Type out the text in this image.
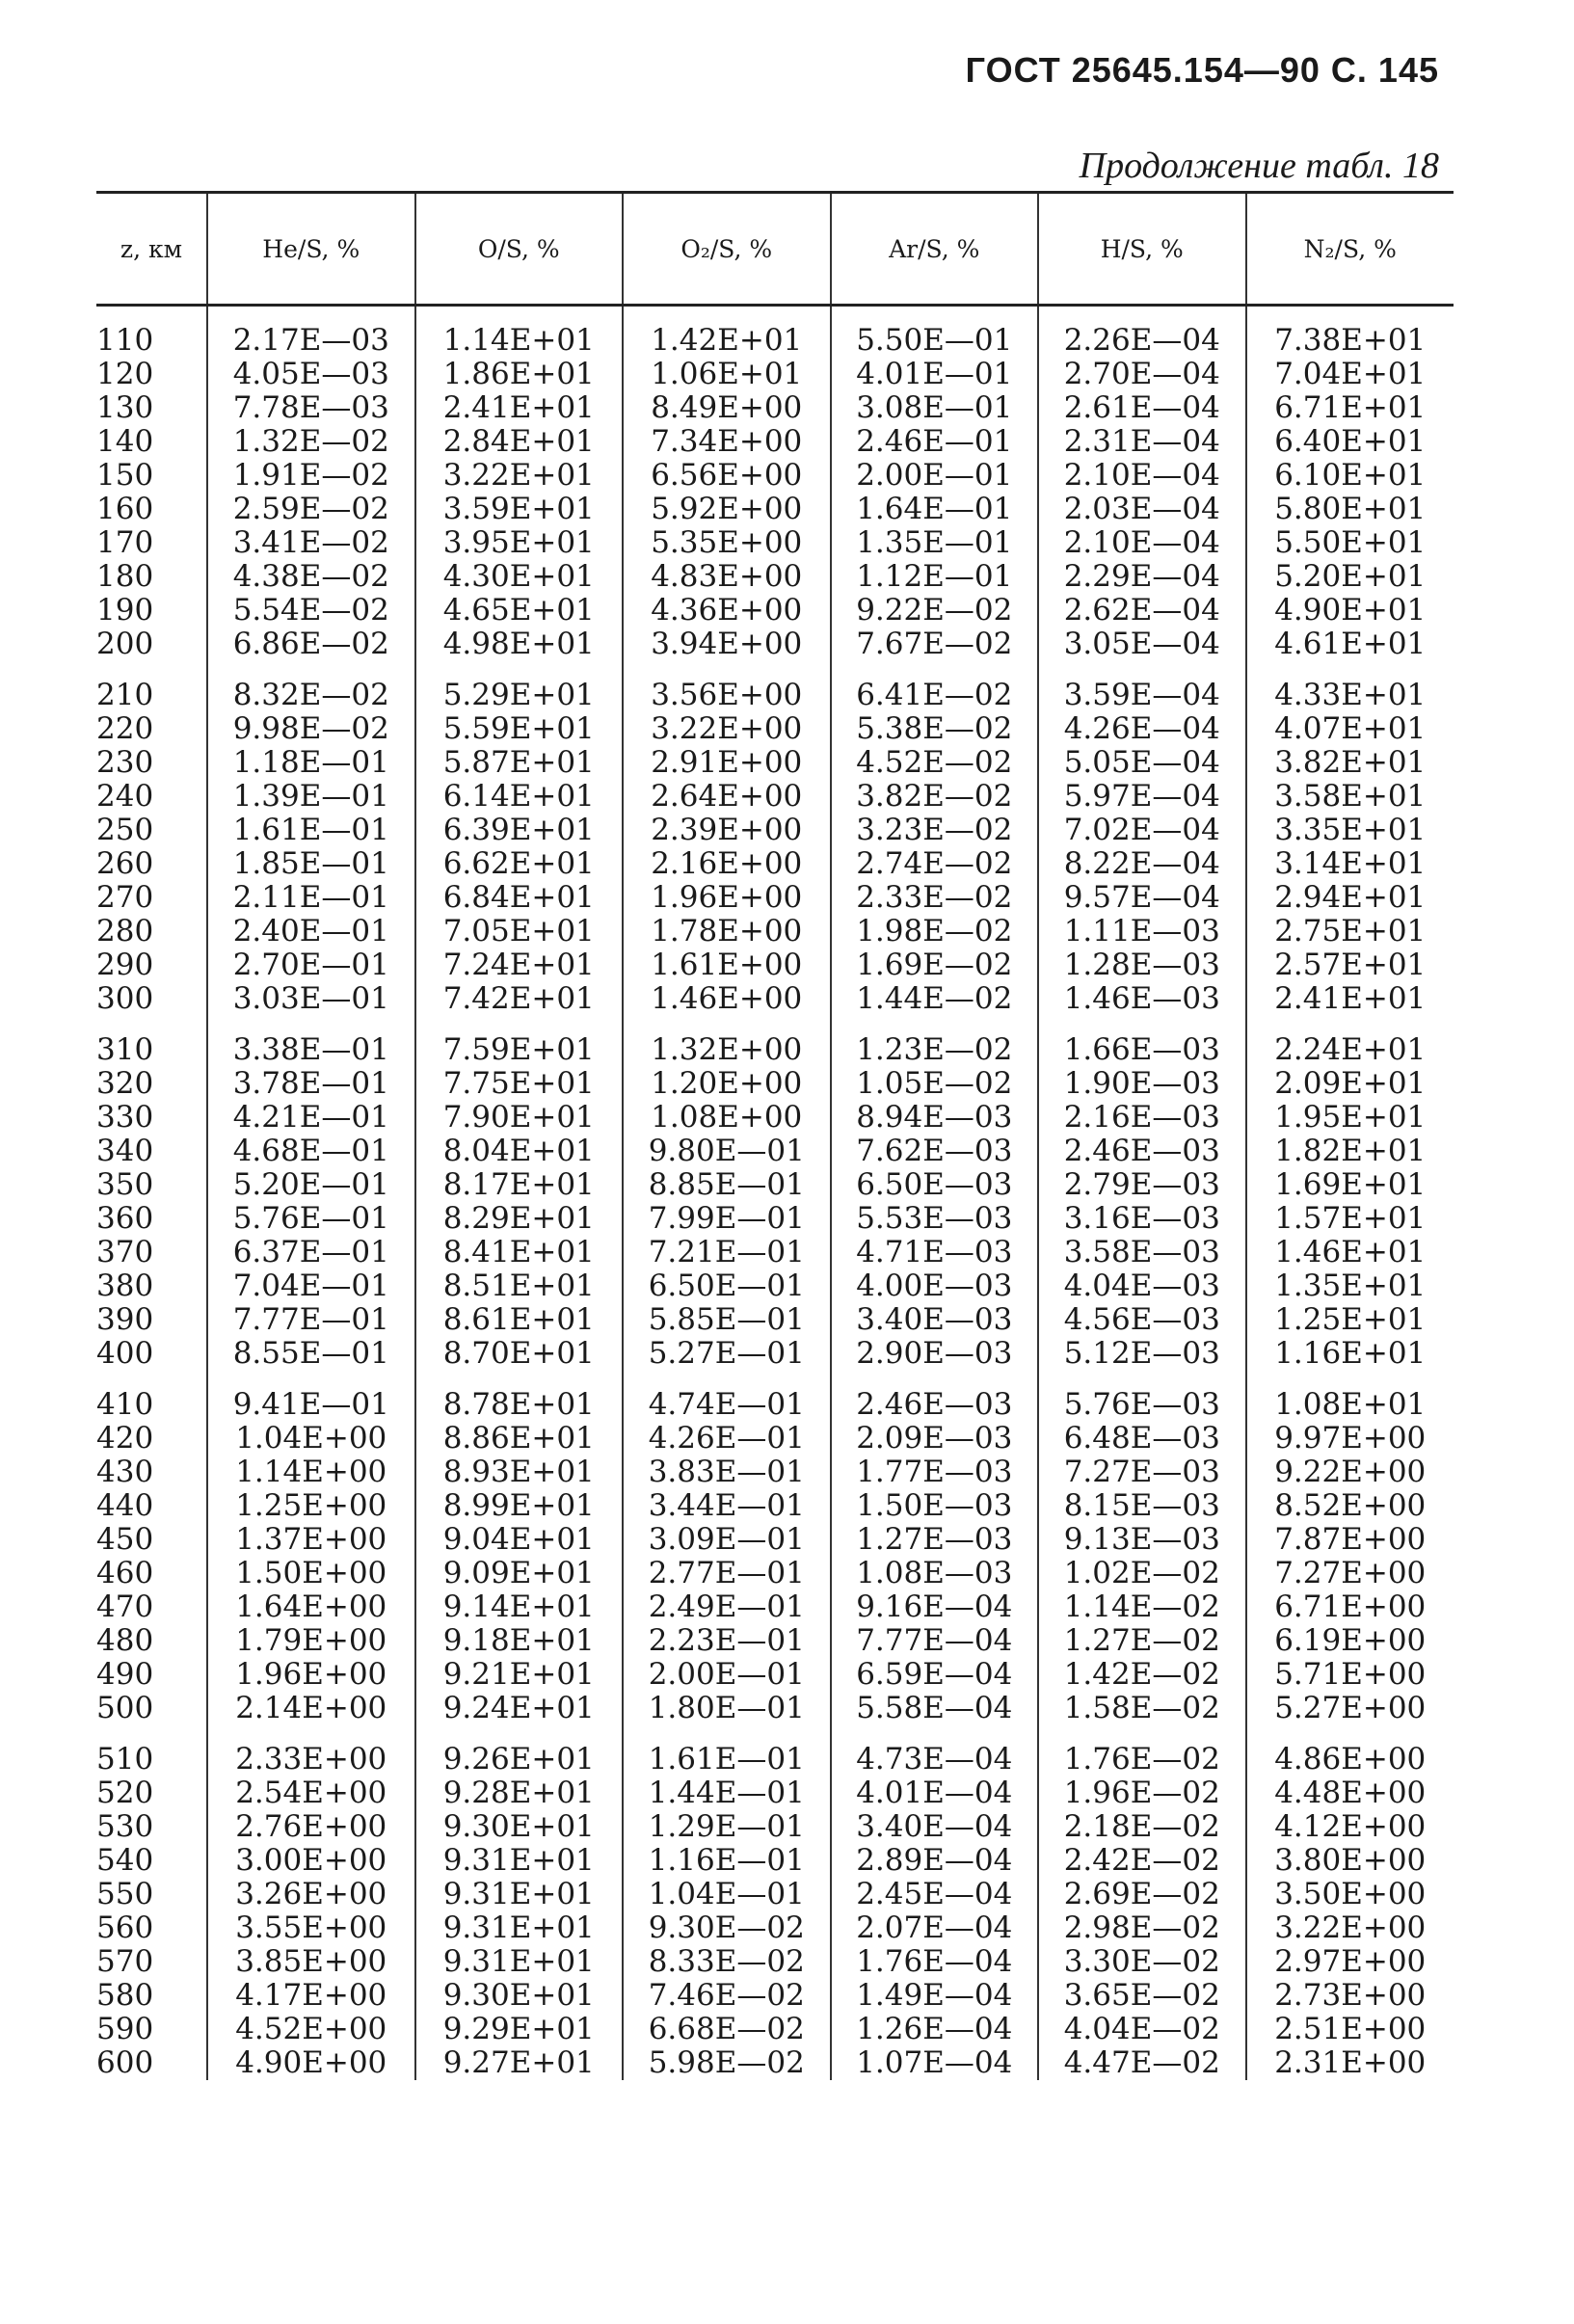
ГОСТ 25645.154—90 С. 145
Продолжение табл. 18
z, км	He/S, %	O/S, %	O₂/S, %	Ar/S, %	H/S, %	N₂/S, %

110	2.17E—03	1.14E+01	1.42E+01	5.50E—01	2.26E—04	7.38E+01
120	4.05E—03	1.86E+01	1.06E+01	4.01E—01	2.70E—04	7.04E+01
130	7.78E—03	2.41E+01	8.49E+00	3.08E—01	2.61E—04	6.71E+01
140	1.32E—02	2.84E+01	7.34E+00	2.46E—01	2.31E—04	6.40E+01
150	1.91E—02	3.22E+01	6.56E+00	2.00E—01	2.10E—04	6.10E+01
160	2.59E—02	3.59E+01	5.92E+00	1.64E—01	2.03E—04	5.80E+01
170	3.41E—02	3.95E+01	5.35E+00	1.35E—01	2.10E—04	5.50E+01
180	4.38E—02	4.30E+01	4.83E+00	1.12E—01	2.29E—04	5.20E+01
190	5.54E—02	4.65E+01	4.36E+00	9.22E—02	2.62E—04	4.90E+01
200	6.86E—02	4.98E+01	3.94E+00	7.67E—02	3.05E—04	4.61E+01

210	8.32E—02	5.29E+01	3.56E+00	6.41E—02	3.59E—04	4.33E+01
220	9.98E—02	5.59E+01	3.22E+00	5.38E—02	4.26E—04	4.07E+01
230	1.18E—01	5.87E+01	2.91E+00	4.52E—02	5.05E—04	3.82E+01
240	1.39E—01	6.14E+01	2.64E+00	3.82E—02	5.97E—04	3.58E+01
250	1.61E—01	6.39E+01	2.39E+00	3.23E—02	7.02E—04	3.35E+01
260	1.85E—01	6.62E+01	2.16E+00	2.74E—02	8.22E—04	3.14E+01
270	2.11E—01	6.84E+01	1.96E+00	2.33E—02	9.57E—04	2.94E+01
280	2.40E—01	7.05E+01	1.78E+00	1.98E—02	1.11E—03	2.75E+01
290	2.70E—01	7.24E+01	1.61E+00	1.69E—02	1.28E—03	2.57E+01
300	3.03E—01	7.42E+01	1.46E+00	1.44E—02	1.46E—03	2.41E+01

310	3.38E—01	7.59E+01	1.32E+00	1.23E—02	1.66E—03	2.24E+01
320	3.78E—01	7.75E+01	1.20E+00	1.05E—02	1.90E—03	2.09E+01
330	4.21E—01	7.90E+01	1.08E+00	8.94E—03	2.16E—03	1.95E+01
340	4.68E—01	8.04E+01	9.80E—01	7.62E—03	2.46E—03	1.82E+01
350	5.20E—01	8.17E+01	8.85E—01	6.50E—03	2.79E—03	1.69E+01
360	5.76E—01	8.29E+01	7.99E—01	5.53E—03	3.16E—03	1.57E+01
370	6.37E—01	8.41E+01	7.21E—01	4.71E—03	3.58E—03	1.46E+01
380	7.04E—01	8.51E+01	6.50E—01	4.00E—03	4.04E—03	1.35E+01
390	7.77E—01	8.61E+01	5.85E—01	3.40E—03	4.56E—03	1.25E+01
400	8.55E—01	8.70E+01	5.27E—01	2.90E—03	5.12E—03	1.16E+01

410	9.41E—01	8.78E+01	4.74E—01	2.46E—03	5.76E—03	1.08E+01
420	1.04E+00	8.86E+01	4.26E—01	2.09E—03	6.48E—03	9.97E+00
430	1.14E+00	8.93E+01	3.83E—01	1.77E—03	7.27E—03	9.22E+00
440	1.25E+00	8.99E+01	3.44E—01	1.50E—03	8.15E—03	8.52E+00
450	1.37E+00	9.04E+01	3.09E—01	1.27E—03	9.13E—03	7.87E+00
460	1.50E+00	9.09E+01	2.77E—01	1.08E—03	1.02E—02	7.27E+00
470	1.64E+00	9.14E+01	2.49E—01	9.16E—04	1.14E—02	6.71E+00
480	1.79E+00	9.18E+01	2.23E—01	7.77E—04	1.27E—02	6.19E+00
490	1.96E+00	9.21E+01	2.00E—01	6.59E—04	1.42E—02	5.71E+00
500	2.14E+00	9.24E+01	1.80E—01	5.58E—04	1.58E—02	5.27E+00

510	2.33E+00	9.26E+01	1.61E—01	4.73E—04	1.76E—02	4.86E+00
520	2.54E+00	9.28E+01	1.44E—01	4.01E—04	1.96E—02	4.48E+00
530	2.76E+00	9.30E+01	1.29E—01	3.40E—04	2.18E—02	4.12E+00
540	3.00E+00	9.31E+01	1.16E—01	2.89E—04	2.42E—02	3.80E+00
550	3.26E+00	9.31E+01	1.04E—01	2.45E—04	2.69E—02	3.50E+00
560	3.55E+00	9.31E+01	9.30E—02	2.07E—04	2.98E—02	3.22E+00
570	3.85E+00	9.31E+01	8.33E—02	1.76E—04	3.30E—02	2.97E+00
580	4.17E+00	9.30E+01	7.46E—02	1.49E—04	3.65E—02	2.73E+00
590	4.52E+00	9.29E+01	6.68E—02	1.26E—04	4.04E—02	2.51E+00
600	4.90E+00	9.27E+01	5.98E—02	1.07E—04	4.47E—02	2.31E+00
